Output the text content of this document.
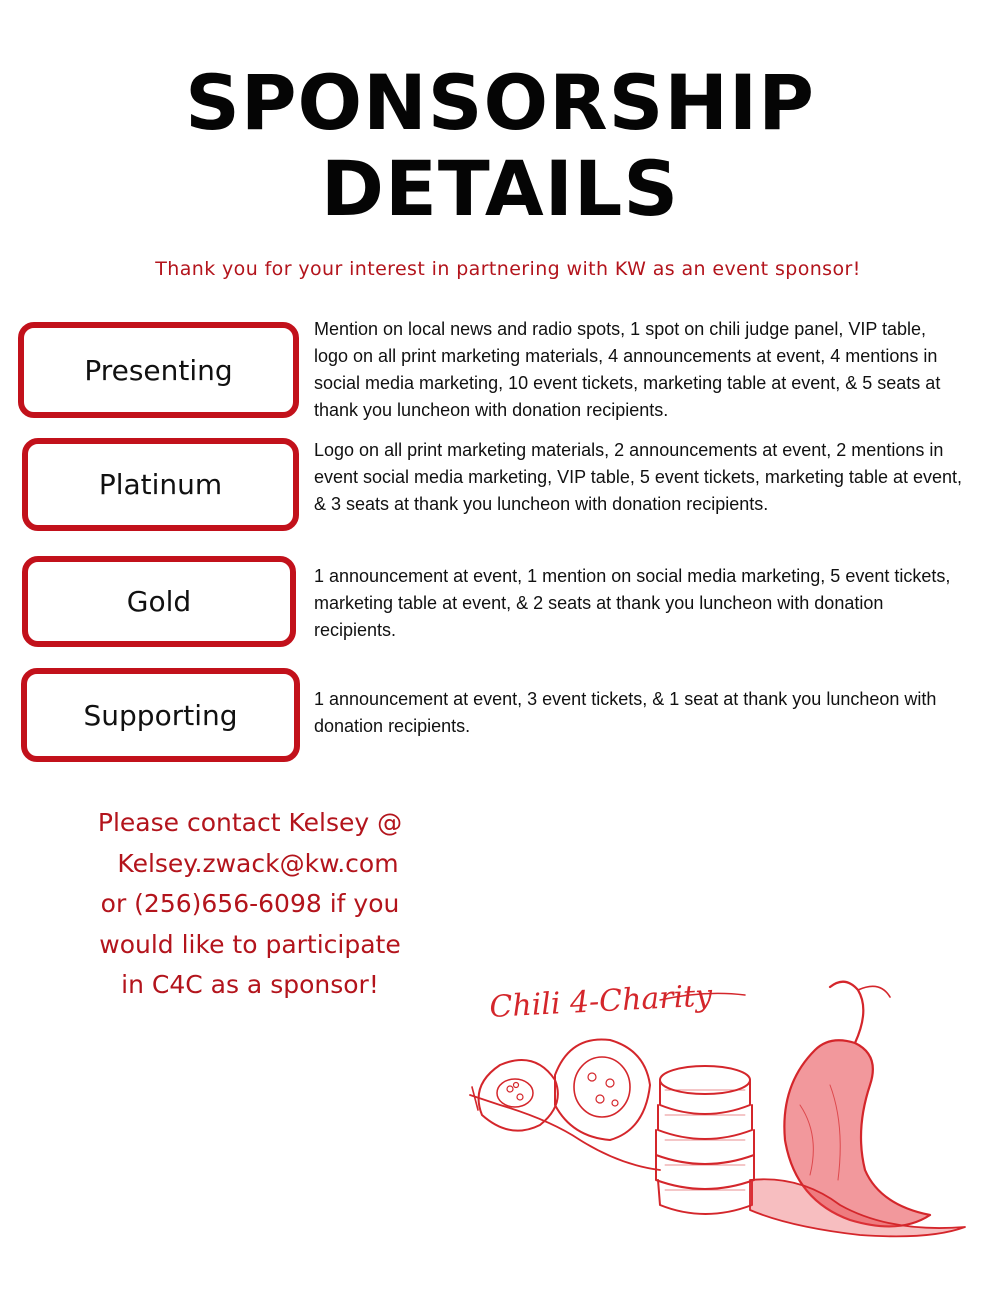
SPONSORSHIP
DETAILS
Thank you for your interest in partnering with KW as an event sponsor!
Presenting
Mention on local news and radio spots, 1 spot on chili judge panel, VIP table, logo on all print marketing materials, 4 announcements at event, 4 mentions in social media marketing, 10 event tickets, marketing table at event, & 5 seats at thank you luncheon with donation recipients.
Platinum
Logo on all print marketing materials, 2 announcements at event, 2 mentions in event social media marketing, VIP table, 5 event tickets, marketing table at event, & 3 seats at thank you luncheon with donation recipients.
Gold
1 announcement at event, 1 mention on social media marketing, 5 event tickets, marketing table at event, & 2 seats at thank you luncheon with donation recipients.
Supporting	1 announcement at event, 3 event tickets, & 1 seat at thank you luncheon with donation recipients.
Please contact Kelsey @
Kelsey.zwack@kw.com
or (256)656-6098 if you
would like to participate
in C4C as a sponsor!	Chili 4-Charity
